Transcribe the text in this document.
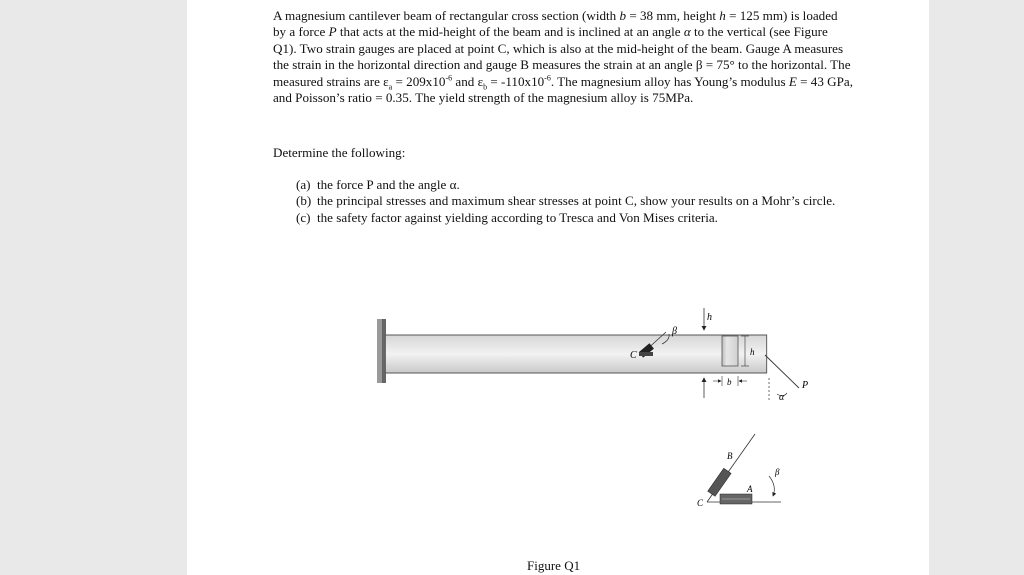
A magnesium cantilever beam of rectangular cross section (width b = 38 mm, height h = 125 mm) is loaded by a force P that acts at the mid-height of the beam and is inclined at an angle α to the vertical (see Figure Q1). Two strain gauges are placed at point C, which is also at the mid-height of the beam. Gauge A measures the strain in the horizontal direction and gauge B measures the strain at an angle β = 75° to the horizontal. The measured strains are $\varepsilon_a = 209x10^{-6}$ and $\varepsilon_b = -110x10^{-6}$. The magnesium alloy has Young’s modulus E = 43 GPa, and Poisson’s ratio = 0.35. The yield strength of the magnesium alloy is 75MPa.

Determine the following:

(a) the force P and the angle α.
(b) the principal stresses and maximum shear stresses at point C, show your results on a Mohr’s circle.
(c) the safety factor against yielding according to Tresca and Von Mises criteria.
h
C
β
P
α
h
b
B
β
A
C
Figure Q1
